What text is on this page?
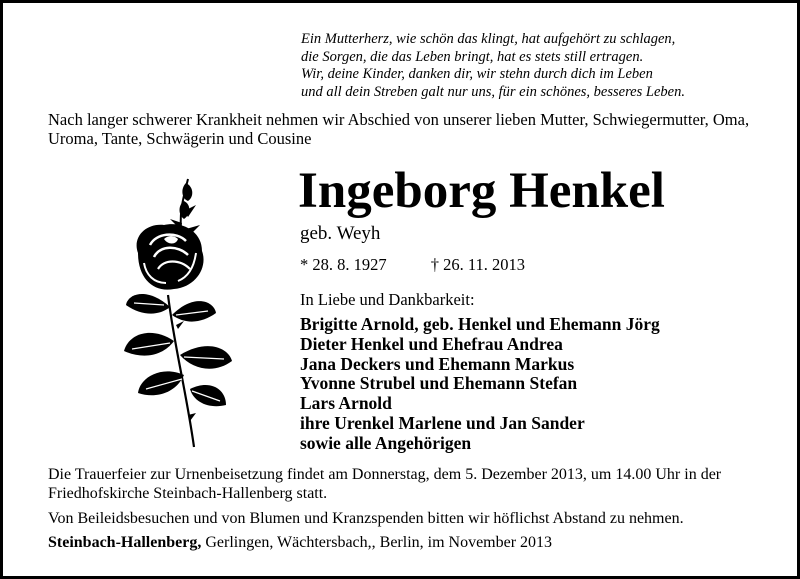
Ein Mutterherz, wie schön das klingt, hat aufgehört zu schlagen,
die Sorgen, die das Leben bringt, hat es stets still ertragen.
Wir, deine Kinder, danken dir, wir stehn durch dich im Leben
und all dein Streben galt nur uns, für ein schönes, besseres Leben.
Nach langer schwerer Krankheit nehmen wir Abschied von unserer lieben Mutter, Schwiegermutter, Oma, Uroma, Tante, Schwägerin und Cousine
Ingeborg Henkel
geb. Weyh
* 28. 8. 1927	† 26. 11. 2013
In Liebe und Dankbarkeit:
Brigitte Arnold, geb. Henkel und Ehemann Jörg
Dieter Henkel und Ehefrau Andrea
Jana Deckers und Ehemann Markus
Yvonne Strubel und Ehemann Stefan
Lars Arnold
ihre Urenkel Marlene und Jan Sander
sowie alle Angehörigen
Die Trauerfeier zur Urnenbeisetzung findet am Donnerstag, dem 5. Dezember 2013, um 14.00 Uhr in der Friedhofskirche Steinbach-Hallenberg statt.
Von Beileidsbesuchen und von Blumen und Kranzspenden bitten wir höflichst Abstand zu nehmen.
Steinbach-Hallenberg, Gerlingen, Wächtersbach,, Berlin, im November 2013
